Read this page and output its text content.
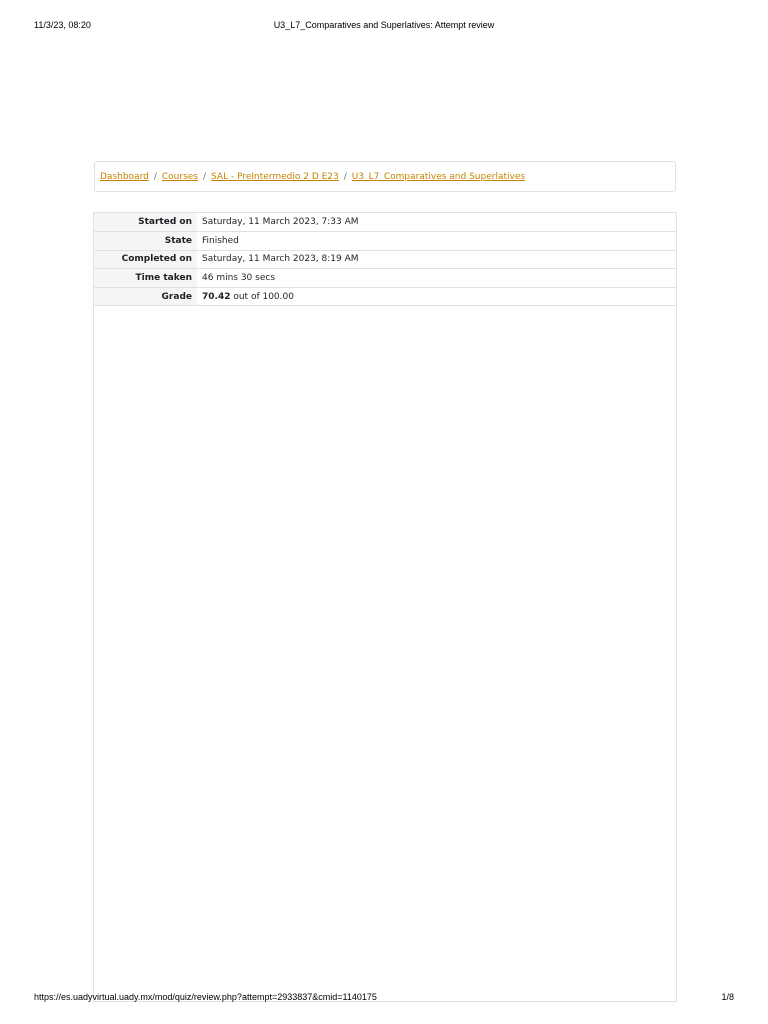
11/3/23, 08:20	U3_L7_Comparatives and Superlatives: Attempt review
Dashboard / Courses / SAL - PreIntermedio 2 D E23 / U3_L7_Comparatives and Superlatives
Started on	Saturday, 11 March 2023, 7:33 AM
State	Finished
Completed on	Saturday, 11 March 2023, 8:19 AM
Time taken	46 mins 30 secs
Grade	70.42 out of 100.00
https://es.uadyvirtual.uady.mx/mod/quiz/review.php?attempt=2933837&cmid=1140175	1/8
